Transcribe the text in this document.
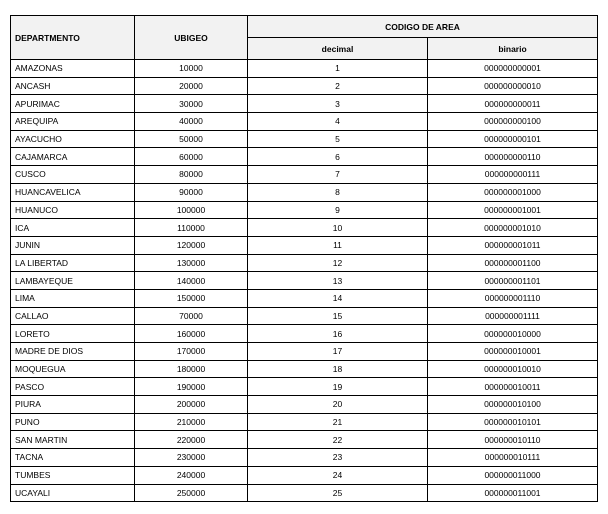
DEPARTMENTO	UBIGEO	CODIGO DE AREA	
		decimal	binario
AMAZONAS	10000	1	000000000001
ANCASH	20000	2	000000000010
APURIMAC	30000	3	000000000011
AREQUIPA	40000	4	000000000100
AYACUCHO	50000	5	000000000101
CAJAMARCA	60000	6	000000000110
CUSCO	80000	7	000000000111
HUANCAVELICA	90000	8	000000001000
HUANUCO	100000	9	000000001001
ICA	110000	10	000000001010
JUNIN	120000	11	000000001011
LA LIBERTAD	130000	12	000000001100
LAMBAYEQUE	140000	13	000000001101
LIMA	150000	14	000000001110
CALLAO	70000	15	000000001111
LORETO	160000	16	000000010000
MADRE DE DIOS	170000	17	000000010001
MOQUEGUA	180000	18	000000010010
PASCO	190000	19	000000010011
PIURA	200000	20	000000010100
PUNO	210000	21	000000010101
SAN MARTIN	220000	22	000000010110
TACNA	230000	23	000000010111
TUMBES	240000	24	000000011000
UCAYALI	250000	25	000000011001
